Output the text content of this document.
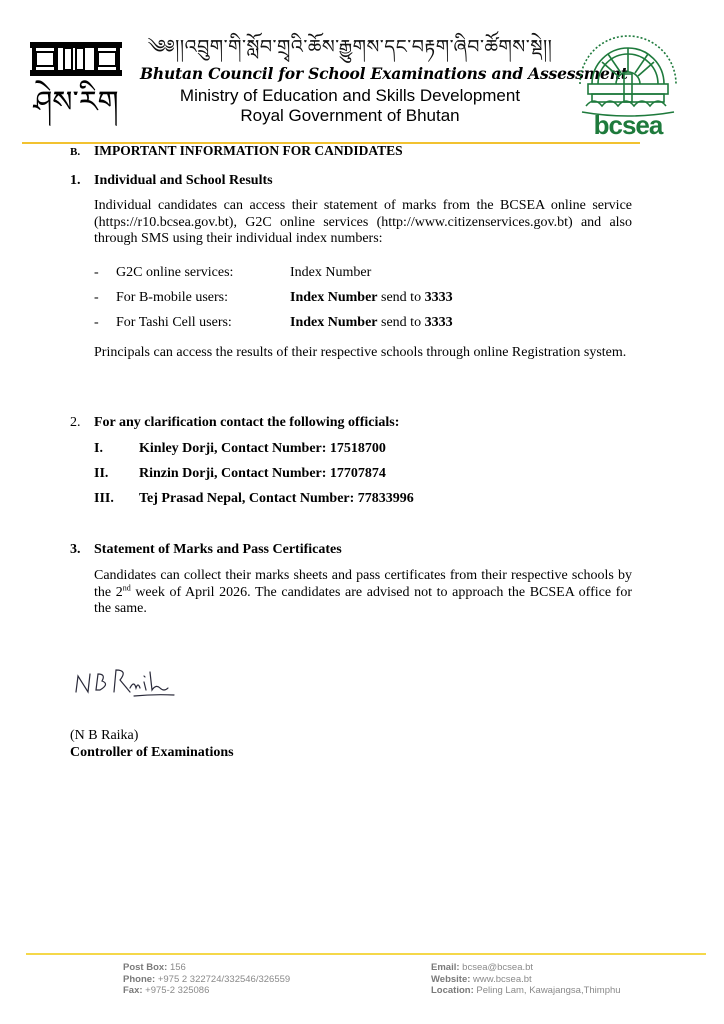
ཤེས་རིག
༄༅།།འབྲུག་གི་སློབ་གྲྭའི་ཆོས་རྒྱུགས་དང་བརྟག་ཞིབ་ཚོགས་སྡེ།།
Bhutan Council for School Examinations and Assessment
Ministry of Education and Skills Development
Royal Government of Bhutan	bcsea
B. IMPORTANT INFORMATION FOR CANDIDATES
1. Individual and School Results
Individual candidates can access their statement of marks from the BCSEA online service (https://r10.bcsea.gov.bt), G2C online services (http://www.citizenservices.gov.bt) and also through SMS using their individual index numbers:
-	G2C online services:	Index Number
-	For B-mobile users:	Index Number send to 3333
-	For Tashi Cell users:	Index Number send to 3333
Principals can access the results of their respective schools through online Registration system.
2. For any clarification contact the following officials:
I.	Kinley Dorji, Contact Number: 17518700
II.	Rinzin Dorji, Contact Number: 17707874
III.	Tej Prasad Nepal, Contact Number: 77833996
3. Statement of Marks and Pass Certificates
Candidates can collect their marks sheets and pass certificates from their respective schools by the 2nd week of April 2026. The candidates are advised not to approach the BCSEA office for the same.
(N B Raika)
Controller of Examinations
Post Box: 156
Phone: +975 2 322724/332546/326559
Fax: +975-2 325086
Email: bcsea@bcsea.bt
Website: www.bcsea.bt
Location: Peling Lam, Kawajangsa,Thimphu
